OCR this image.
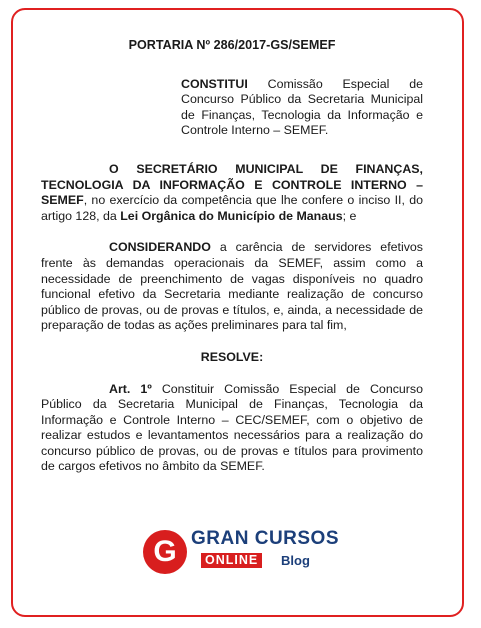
PORTARIA Nº 286/2017-GS/SEMEF
CONSTITUI Comissão Especial de Concurso Público da Secretaria Municipal de Finanças, Tecnologia da Informação e Controle Interno – SEMEF.
O SECRETÁRIO MUNICIPAL DE FINANÇAS, TECNOLOGIA DA INFORMAÇÃO E CONTROLE INTERNO – SEMEF, no exercício da competência que lhe confere o inciso II, do artigo 128, da Lei Orgânica do Município de Manaus; e
CONSIDERANDO a carência de servidores efetivos frente às demandas operacionais da SEMEF, assim como a necessidade de preenchimento de vagas disponíveis no quadro funcional efetivo da Secretaria mediante realização de concurso público de provas, ou de provas e títulos, e, ainda, a necessidade de preparação de todas as ações preliminares para tal fim,
RESOLVE:
Art. 1º Constituir Comissão Especial de Concurso Público da Secretaria Municipal de Finanças, Tecnologia da Informação e Controle Interno – CEC/SEMEF, com o objetivo de realizar estudos e levantamentos necessários para a realização do concurso público de provas, ou de provas e títulos para provimento de cargos efetivos no âmbito da SEMEF.
G GRAN CURSOS
ONLINE	Blog
